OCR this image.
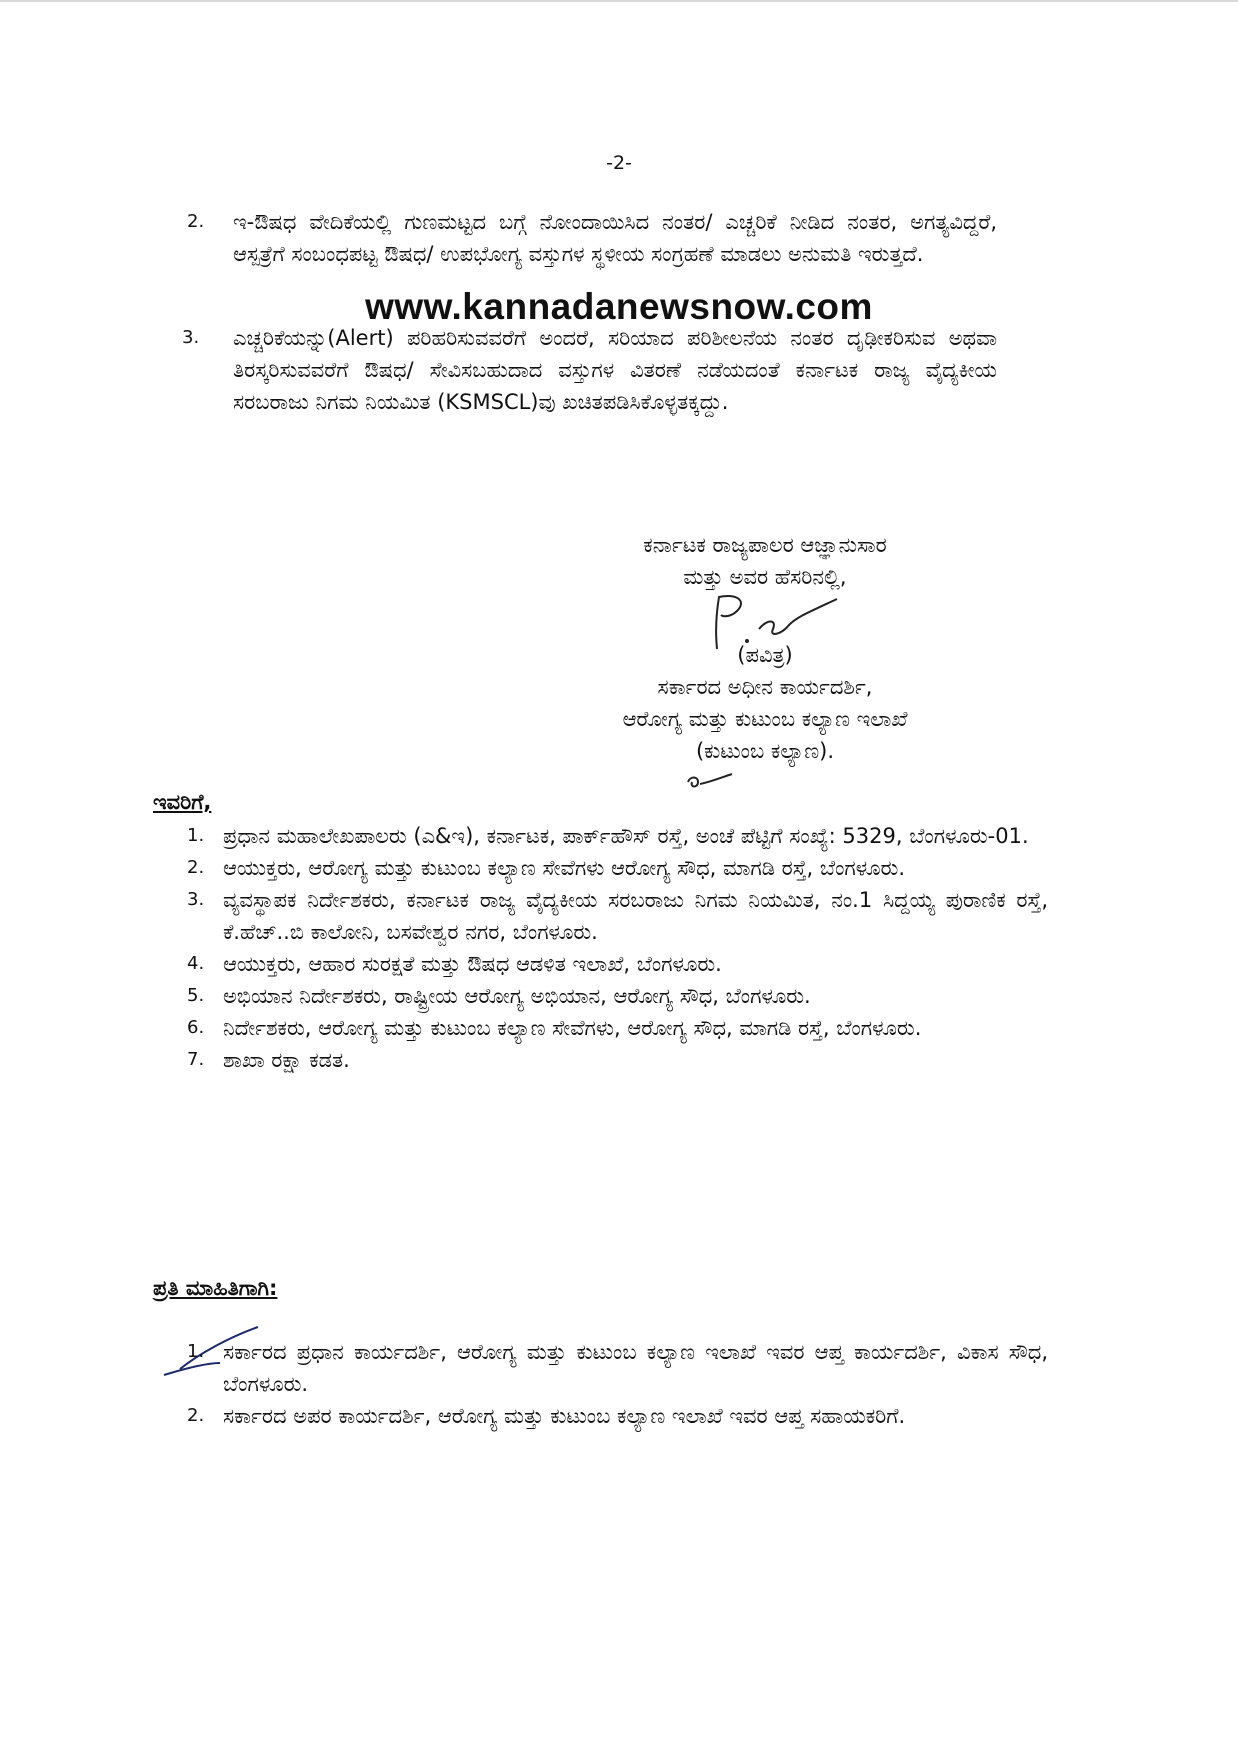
-2-
2. ಇ-ಔಷಧ ವೇದಿಕೆಯಲ್ಲಿ ಗುಣಮಟ್ಟದ ಬಗ್ಗೆ ನೋಂದಾಯಿಸಿದ ನಂತರ/ ಎಚ್ಚರಿಕೆ ನೀಡಿದ ನಂತರ, ಅಗತ್ಯವಿದ್ದರೆ, ಆಸ್ಪತ್ರೆಗೆ ಸಂಬಂಧಪಟ್ಟ ಔಷಧ/ ಉಪಭೋಗ್ಯ ವಸ್ತುಗಳ ಸ್ಥಳೀಯ ಸಂಗ್ರಹಣೆ ಮಾಡಲು ಅನುಮತಿ ಇರುತ್ತದೆ.
3. ಎಚ್ಚರಿಕೆಯನ್ನು(Alert) ಪರಿಹರಿಸುವವರೆಗೆ ಅಂದರೆ, ಸರಿಯಾದ ಪರಿಶೀಲನೆಯ ನಂತರ ದೃಢೀಕರಿಸುವ ಅಥವಾ ತಿರಸ್ಕರಿಸುವವರೆಗೆ ಔಷಧ/ ಸೇವಿಸಬಹುದಾದ ವಸ್ತುಗಳ ವಿತರಣೆ ನಡೆಯದಂತೆ ಕರ್ನಾಟಕ ರಾಜ್ಯ ವೈದ್ಯಕೀಯ ಸರಬರಾಜು ನಿಗಮ ನಿಯಮಿತ (KSMSCL)ವು ಖಚಿತಪಡಿಸಿಕೊಳ್ಳತಕ್ಕದ್ದು.
www.kannadanewsnow.com

ಕರ್ನಾಟಕ ರಾಜ್ಯಪಾಲರ ಆಜ್ಞಾನುಸಾರ

ಮತ್ತು ಅವರ ಹೆಸರಿನಲ್ಲಿ,

(ಪವಿತ್ರ)

ಸರ್ಕಾರದ ಅಧೀನ ಕಾರ್ಯದರ್ಶಿ,

ಆರೋಗ್ಯ ಮತ್ತು ಕುಟುಂಬ ಕಲ್ಯಾಣ ಇಲಾಖೆ

(ಕುಟುಂಬ ಕಲ್ಯಾಣ).

ಇವರಿಗೆ,
1. ಪ್ರಧಾನ ಮಹಾಲೇಖಪಾಲರು (ಎ&ಇ), ಕರ್ನಾಟಕ, ಪಾರ್ಕ್‌ಹೌಸ್ ರಸ್ತೆ, ಅಂಚೆ ಪೆಟ್ಟಿಗೆ ಸಂಖ್ಯೆ: 5329, ಬೆಂಗಳೂರು-01.
2. ಆಯುಕ್ತರು, ಆರೋಗ್ಯ ಮತ್ತು ಕುಟುಂಬ ಕಲ್ಯಾಣ ಸೇವೆಗಳು ಆರೋಗ್ಯ ಸೌಧ, ಮಾಗಡಿ ರಸ್ತೆ, ಬೆಂಗಳೂರು.
3. ವ್ಯವಸ್ಥಾಪಕ ನಿರ್ದೇಶಕರು, ಕರ್ನಾಟಕ ರಾಜ್ಯ ವೈದ್ಯಕೀಯ ಸರಬರಾಜು ನಿಗಮ ನಿಯಮಿತ, ನಂ.1 ಸಿದ್ದಯ್ಯ ಪುರಾಣಿಕ ರಸ್ತೆ, ಕೆ.ಹೆಚ್..ಬಿ ಕಾಲೋನಿ, ಬಸವೇಶ್ವರ ನಗರ, ಬೆಂಗಳೂರು.
4. ಆಯುಕ್ತರು, ಆಹಾರ ಸುರಕ್ಷತೆ ಮತ್ತು ಔಷಧ ಆಡಳಿತ ಇಲಾಖೆ, ಬೆಂಗಳೂರು.
5. ಅಭಿಯಾನ ನಿರ್ದೇಶಕರು, ರಾಷ್ಟ್ರೀಯ ಆರೋಗ್ಯ ಅಭಿಯಾನ, ಆರೋಗ್ಯ ಸೌಧ, ಬೆಂಗಳೂರು.
6. ನಿರ್ದೇಶಕರು, ಆರೋಗ್ಯ ಮತ್ತು ಕುಟುಂಬ ಕಲ್ಯಾಣ ಸೇವೆಗಳು, ಆರೋಗ್ಯ ಸೌಧ, ಮಾಗಡಿ ರಸ್ತೆ, ಬೆಂಗಳೂರು.
7. ಶಾಖಾ ರಕ್ಷಾ ಕಡತ.
ಪ್ರತಿ ಮಾಹಿತಿಗಾಗಿ:
1. ಸರ್ಕಾರದ ಪ್ರಧಾನ ಕಾರ್ಯದರ್ಶಿ, ಆರೋಗ್ಯ ಮತ್ತು ಕುಟುಂಬ ಕಲ್ಯಾಣ ಇಲಾಖೆ ಇವರ ಆಪ್ತ ಕಾರ್ಯದರ್ಶಿ, ವಿಕಾಸ ಸೌಧ, ಬೆಂಗಳೂರು.
2. ಸರ್ಕಾರದ ಅಪರ ಕಾರ್ಯದರ್ಶಿ, ಆರೋಗ್ಯ ಮತ್ತು ಕುಟುಂಬ ಕಲ್ಯಾಣ ಇಲಾಖೆ ಇವರ ಆಪ್ತ ಸಹಾಯಕರಿಗೆ.
